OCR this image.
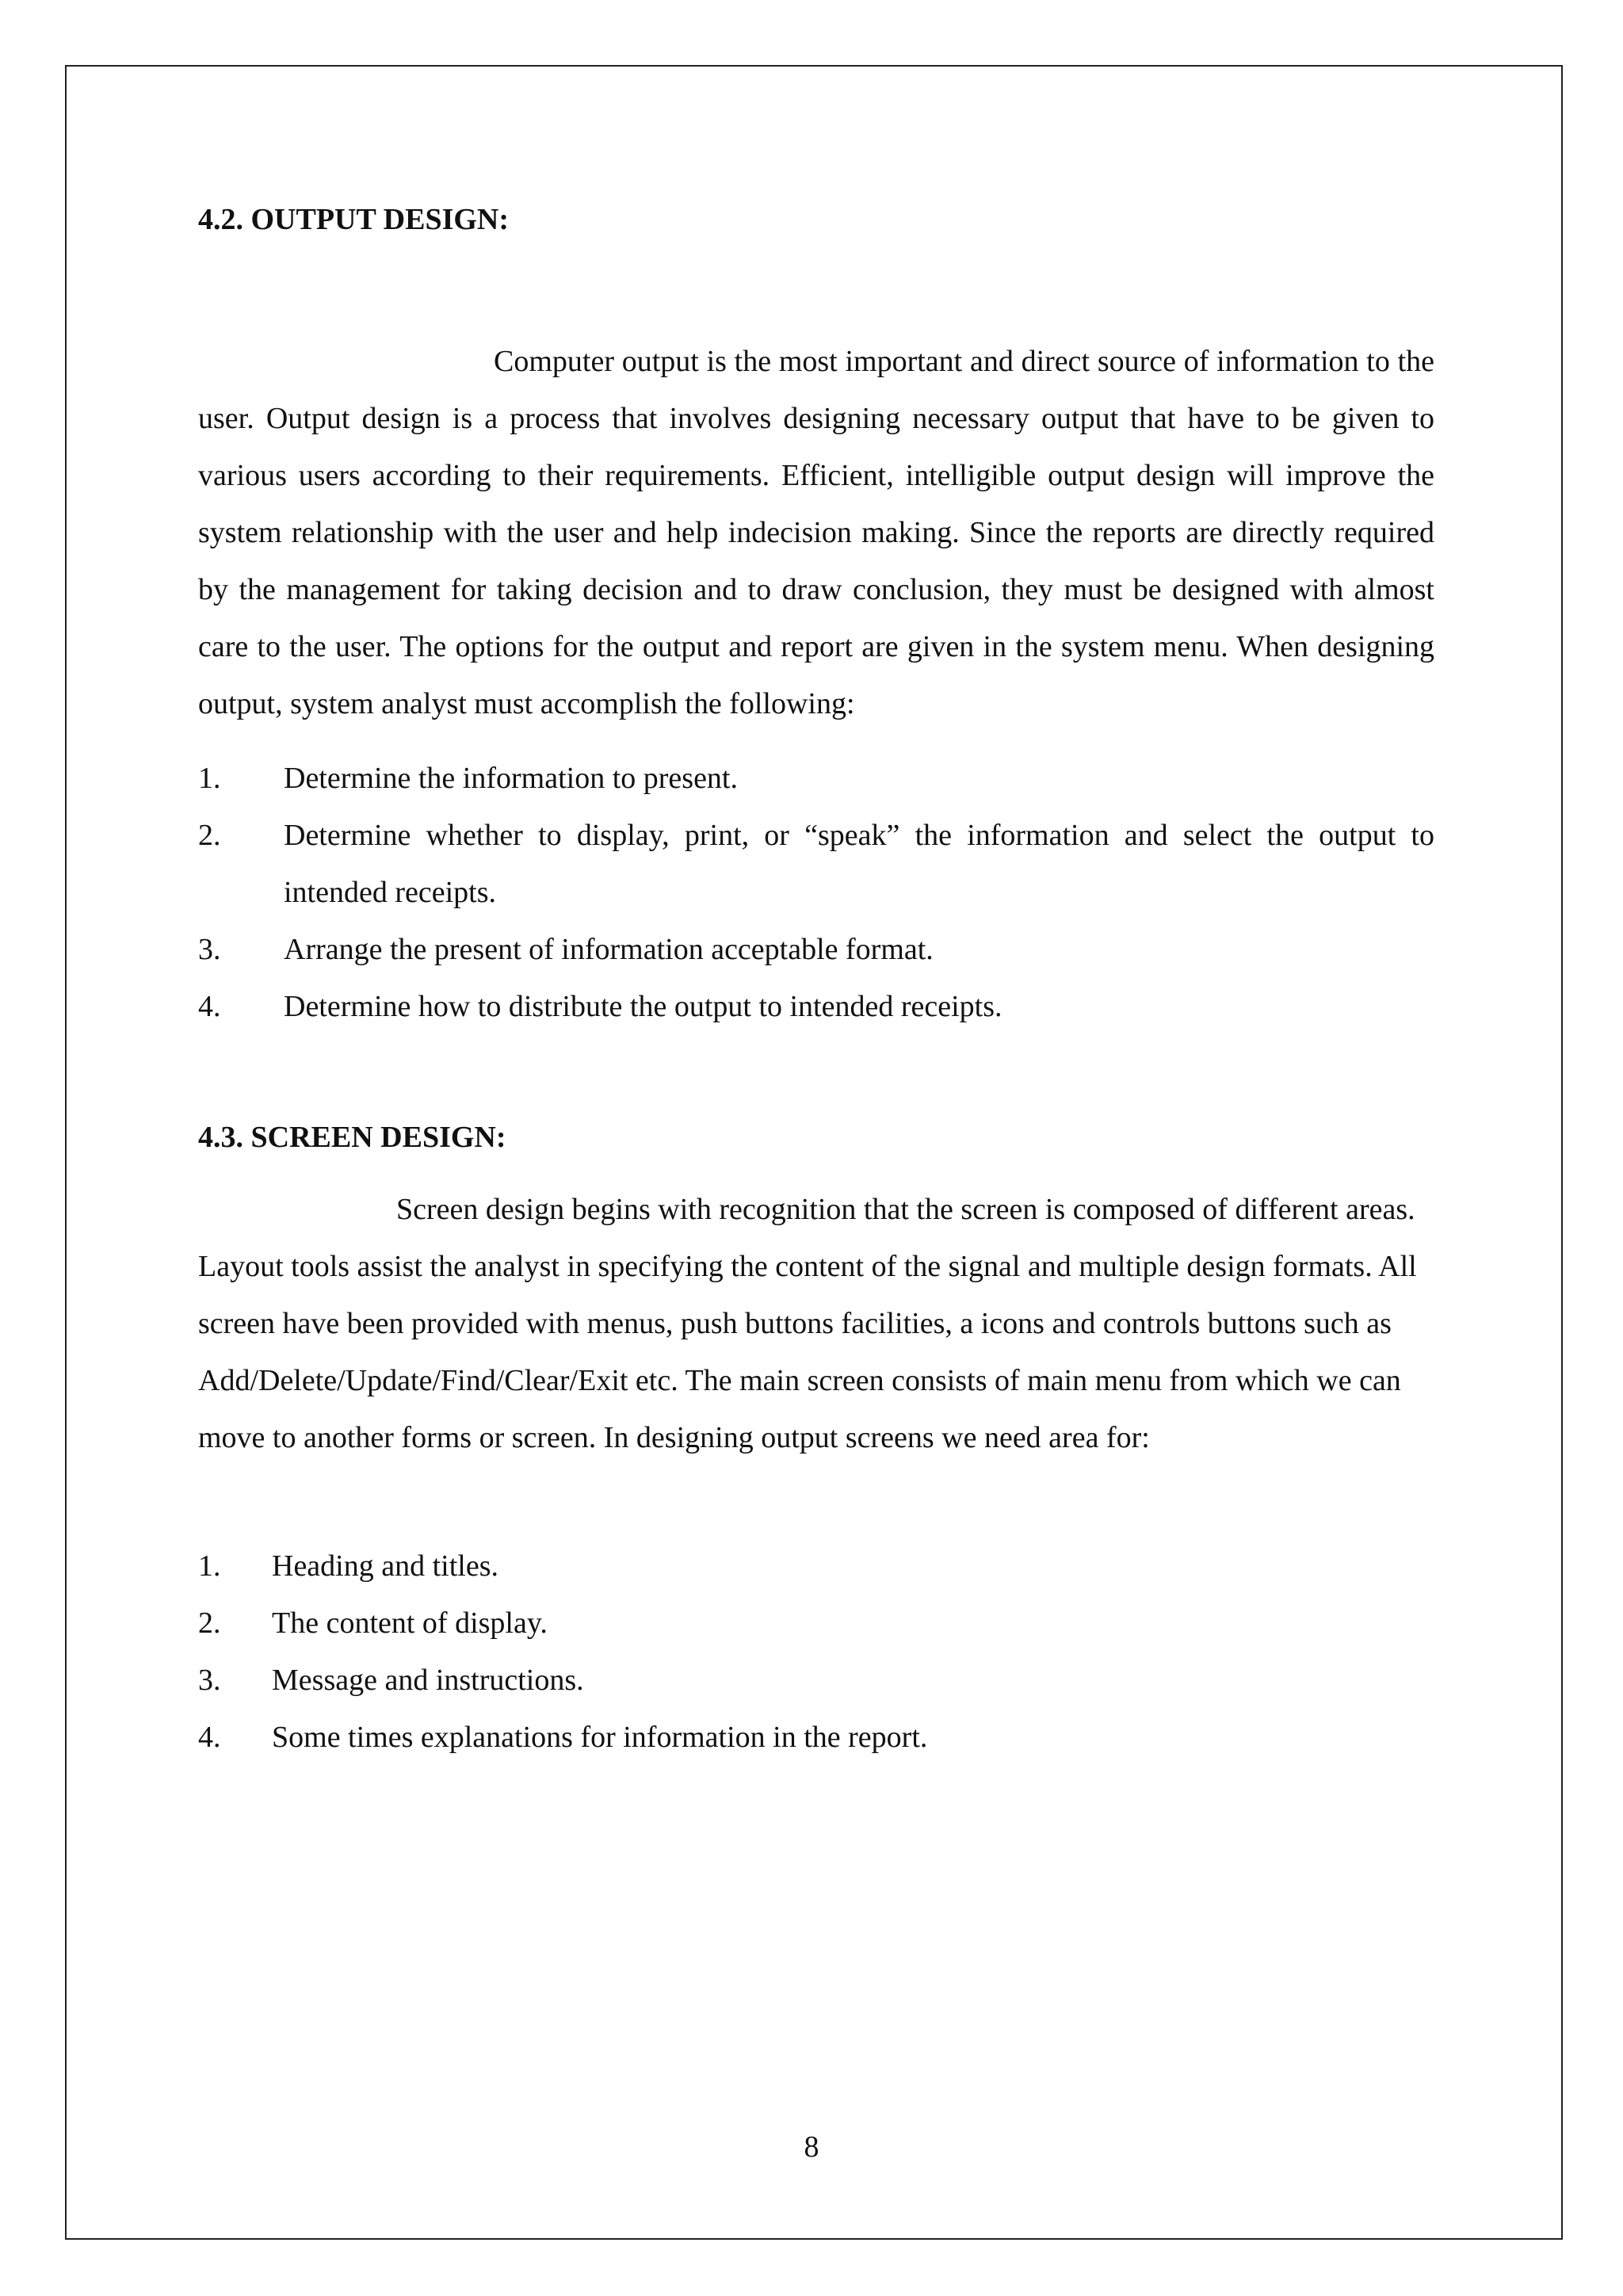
4.2. OUTPUT DESIGN:

Computer output is the most important and direct source of information to the user. Output design is a process that involves designing necessary output that have to be given to various users according to their requirements. Efficient, intelligible output design will improve the system relationship with the user and help indecision making. Since the reports are directly required by the management for taking decision and to draw conclusion, they must be designed with almost care to the user. The options for the output and report are given in the system menu. When designing output, system analyst must accomplish the following:

1. Determine the information to present.
2. Determine whether to display, print, or “speak” the information and select the output to intended receipts.
3. Arrange the present of information acceptable format.
4. Determine how to distribute the output to intended receipts.
4.3. SCREEN DESIGN:

Screen design begins with recognition that the screen is composed of different areas. Layout tools assist the analyst in specifying the content of the signal and multiple design formats. All screen have been provided with menus, push buttons facilities, a icons and controls buttons such as Add/Delete/Update/Find/Clear/Exit etc. The main screen consists of main menu from which we can move to another forms or screen. In designing output screens we need area for:

1. Heading and titles.
2. The content of display.
3. Message and instructions.
4. Some times explanations for information in the report.
8
